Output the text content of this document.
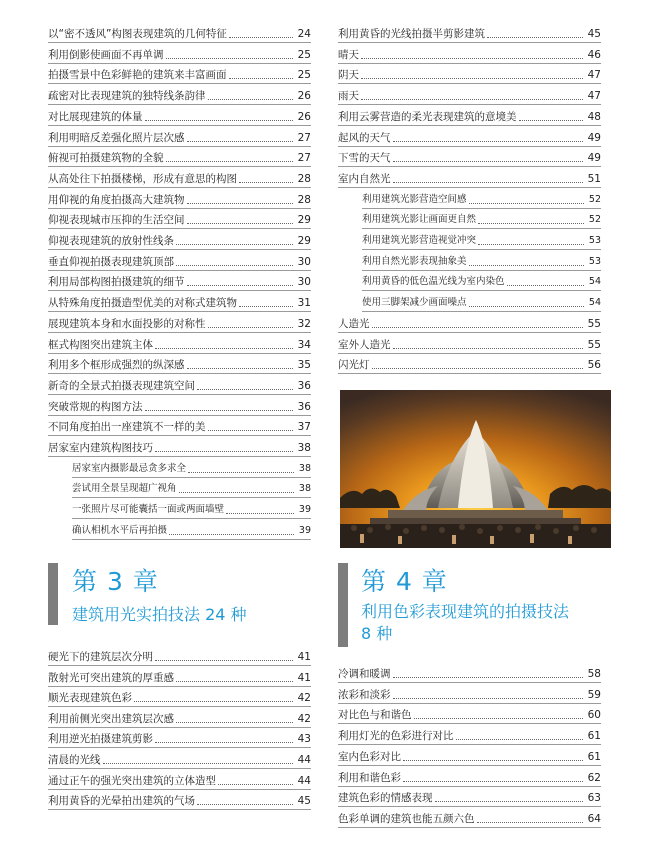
以“密不透风”构图表现建筑的几何特征	24
利用倒影使画面不再单调	25
拍摄雪景中色彩鲜艳的建筑来丰富画面	25
疏密对比表现建筑的独特线条韵律	26
对比展现建筑的体量	26
利用明暗反差强化照片层次感	27
俯视可拍摄建筑物的全貌	27
从高处往下拍摄楼梯，形成有意思的构图	28
用仰视的角度拍摄高大建筑物	28
仰视表现城市压抑的生活空间	29
仰视表现建筑的放射性线条	29
垂直仰视拍摄表现建筑顶部	30
利用局部构图拍摄建筑的细节	30
从特殊角度拍摄造型优美的对称式建筑物	31
展现建筑本身和水面投影的对称性	32
框式构图突出建筑主体	34
利用多个框形成强烈的纵深感	35
新奇的全景式拍摄表现建筑空间	36
突破常规的构图方法	36
不同角度拍出一座建筑不一样的美	37
居家室内建筑构图技巧	38
居家室内摄影最忌贪多求全	38
尝试用全景呈现超广视角	38
一张照片尽可能囊括一面或两面墙壁	39
确认相机水平后再拍摄	39
第 3 章
建筑用光实拍技法 24 种
硬光下的建筑层次分明	41
散射光可突出建筑的厚重感	41
顺光表现建筑色彩	42
利用前侧光突出建筑层次感	42
利用逆光拍摄建筑剪影	43
清晨的光线	44
通过正午的强光突出建筑的立体造型	44
利用黄昏的光晕拍出建筑的气场	45
利用黄昏的光线拍摄半剪影建筑	45
晴天	46
阴天	47
雨天	47
利用云雾营造的柔光表现建筑的意境美	48
起风的天气	49
下雪的天气	49
室内自然光	51
利用建筑光影营造空间感	52
利用建筑光影让画面更自然	52
利用建筑光影营造视觉冲突	53
利用自然光影表现抽象美	53
利用黄昏的低色温光线为室内染色	54
使用三脚架减少画面噪点	54
人造光	55
室外人造光	55
闪光灯	56
第 4 章
利用色彩表现建筑的拍摄技法
8 种
冷调和暖调	58
浓彩和淡彩	59
对比色与和谐色	60
利用灯光的色彩进行对比	61
室内色彩对比	61
利用和谐色彩	62
建筑色彩的情感表现	63
色彩单调的建筑也能五颜六色	64
